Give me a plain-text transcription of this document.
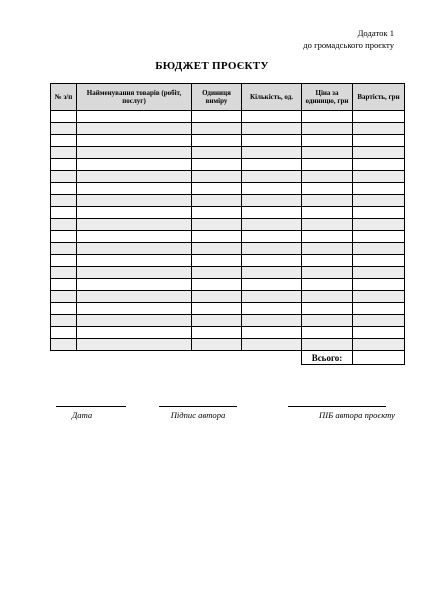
Додаток 1
до громадського проєкту
БЮДЖЕТ ПРОЄКТУ
№ з/п	Найменування товарів (робіт, послуг)	Одиниця виміру	Кількість, од.	Ціна за одиницю, грн	Вартість, грн

				Всього:	
Дата	Підпис автора	ПІБ автора проєкту
